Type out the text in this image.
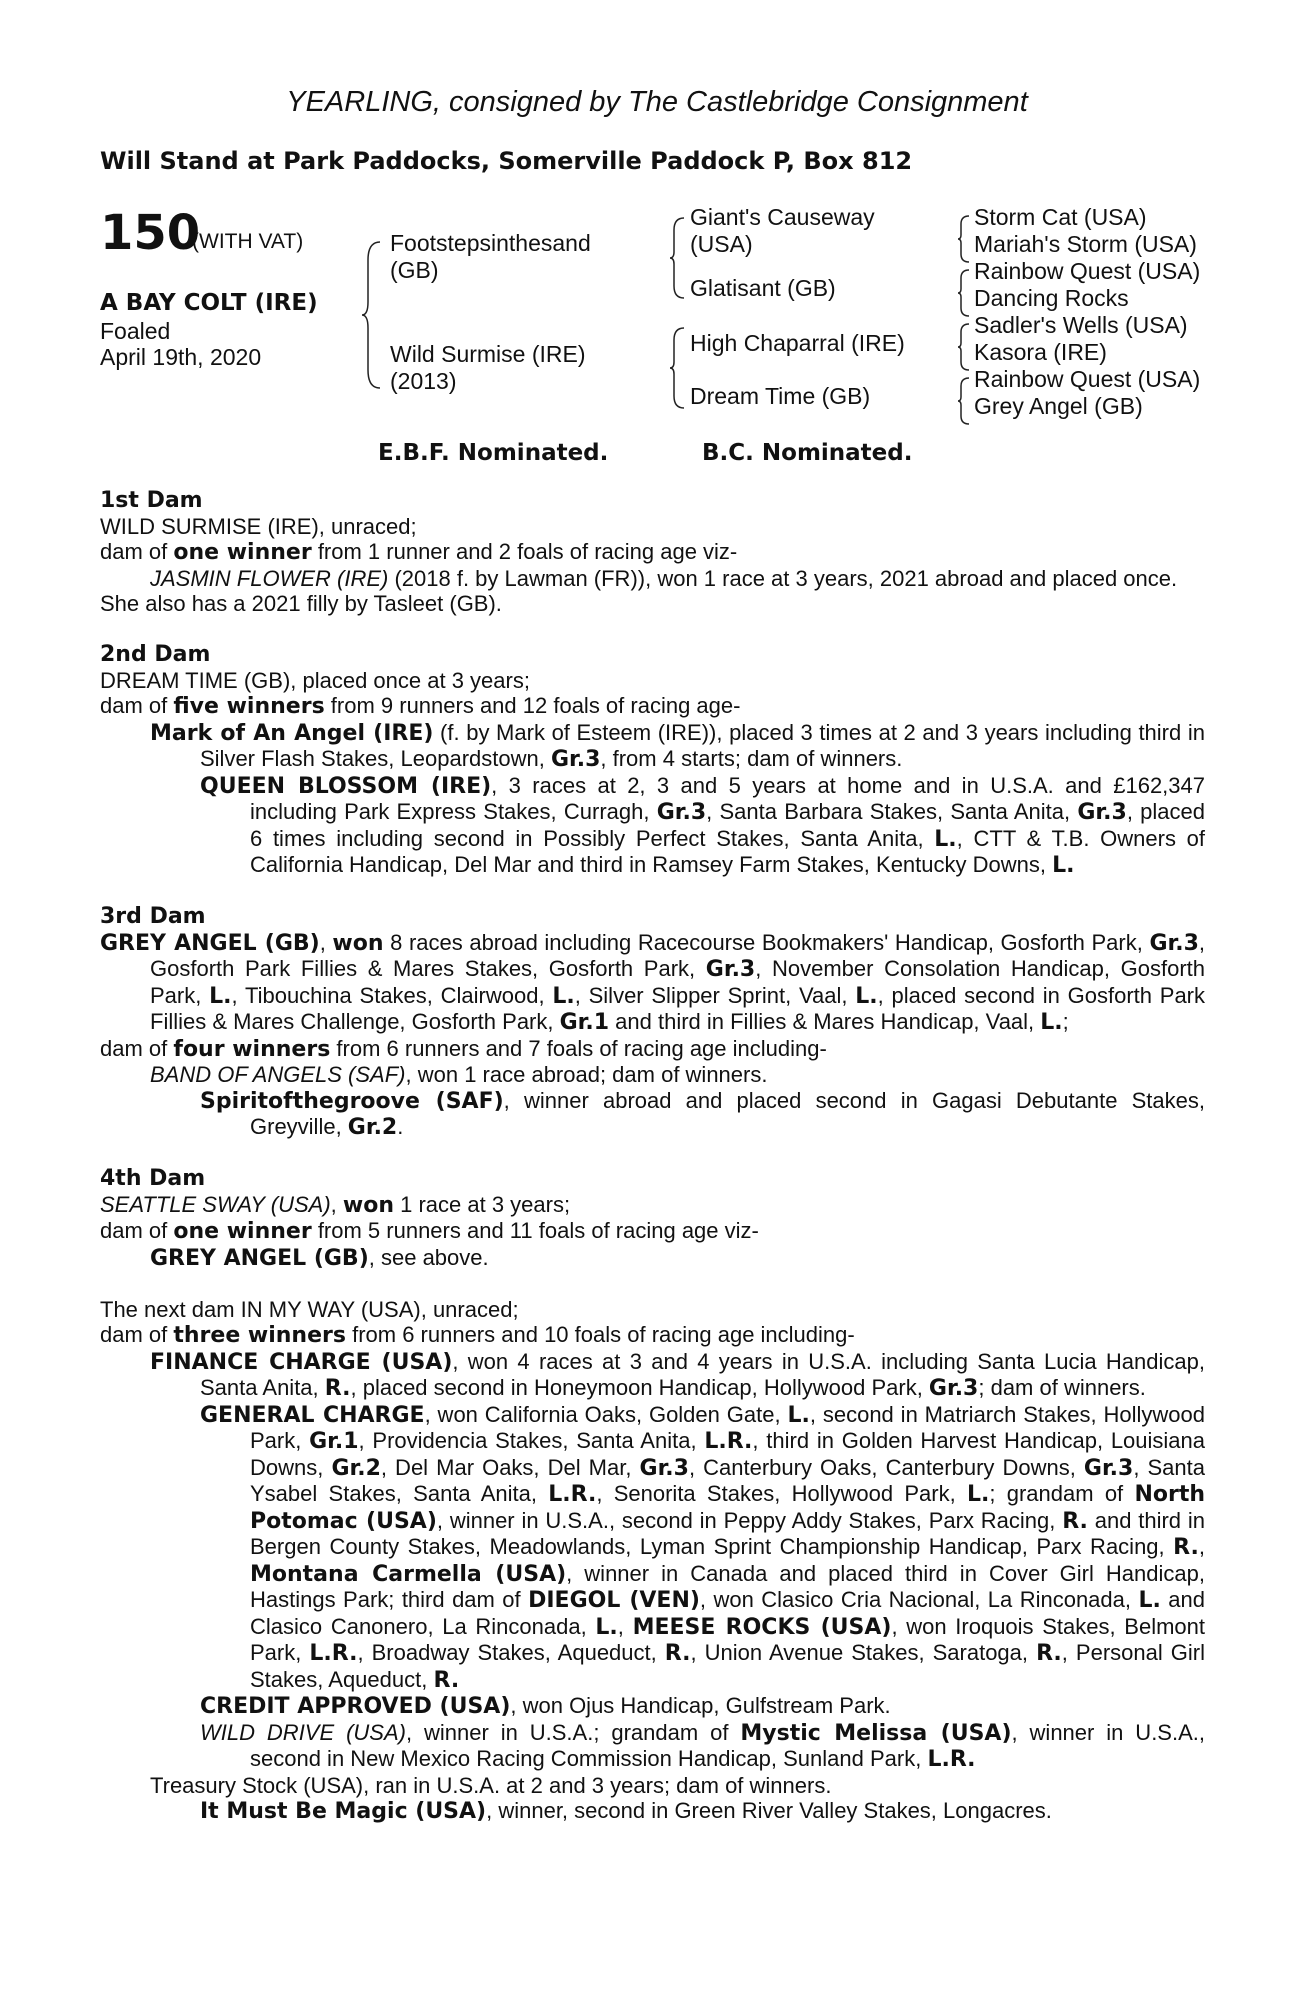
YEARLING, consigned by The Castlebridge Consignment
Will Stand at Park Paddocks, Somerville Paddock P, Box 812
150
(WITH VAT)
A BAY COLT (IRE)
Foaled
April 19th, 2020
Footstepsinthesand
(GB)
Wild Surmise (IRE)
(2013)
Giant's Causeway
(USA)
Glatisant (GB)
High Chaparral (IRE)
Dream Time (GB)
Storm Cat (USA)
Mariah's Storm (USA)
Rainbow Quest (USA)
Dancing Rocks
Sadler's Wells (USA)
Kasora (IRE)
Rainbow Quest (USA)
Grey Angel (GB)
E.B.F. Nominated.	B.C. Nominated.

1st Dam

WILD SURMISE (IRE), unraced;

dam of one winner from 1 runner and 2 foals of racing age viz-

JASMIN FLOWER (IRE) (2018 f. by Lawman (FR)), won 1 race at 3 years, 2021 abroad and placed once.

She also has a 2021 filly by Tasleet (GB).

2nd Dam

DREAM TIME (GB), placed once at 3 years;

dam of five winners from 9 runners and 12 foals of racing age-

Mark of An Angel (IRE) (f. by Mark of Esteem (IRE)), placed 3 times at 2 and 3 years including third in Silver Flash Stakes, Leopardstown, Gr.3, from 4 starts; dam of winners.

QUEEN BLOSSOM (IRE), 3 races at 2, 3 and 5 years at home and in U.S.A. and £162,347 including Park Express Stakes, Curragh, Gr.3, Santa Barbara Stakes, Santa Anita, Gr.3, placed 6 times including second in Possibly Perfect Stakes, Santa Anita, L., CTT & T.B. Owners of California Handicap, Del Mar and third in Ramsey Farm Stakes, Kentucky Downs, L.

3rd Dam

GREY ANGEL (GB), won 8 races abroad including Racecourse Bookmakers' Handicap, Gosforth Park, Gr.3, Gosforth Park Fillies & Mares Stakes, Gosforth Park, Gr.3, November Consolation Handicap, Gosforth Park, L., Tibouchina Stakes, Clairwood, L., Silver Slipper Sprint, Vaal, L., placed second in Gosforth Park Fillies & Mares Challenge, Gosforth Park, Gr.1 and third in Fillies & Mares Handicap, Vaal, L.;

dam of four winners from 6 runners and 7 foals of racing age including-

BAND OF ANGELS (SAF), won 1 race abroad; dam of winners.

Spiritofthegroove (SAF), winner abroad and placed second in Gagasi Debutante Stakes, Greyville, Gr.2.

4th Dam

SEATTLE SWAY (USA), won 1 race at 3 years;

dam of one winner from 5 runners and 11 foals of racing age viz-

GREY ANGEL (GB), see above.

The next dam IN MY WAY (USA), unraced;

dam of three winners from 6 runners and 10 foals of racing age including-

FINANCE CHARGE (USA), won 4 races at 3 and 4 years in U.S.A. including Santa Lucia Handicap, Santa Anita, R., placed second in Honeymoon Handicap, Hollywood Park, Gr.3; dam of winners.

GENERAL CHARGE, won California Oaks, Golden Gate, L., second in Matriarch Stakes, Hollywood Park, Gr.1, Providencia Stakes, Santa Anita, L.R., third in Golden Harvest Handicap, Louisiana Downs, Gr.2, Del Mar Oaks, Del Mar, Gr.3, Canterbury Oaks, Canterbury Downs, Gr.3, Santa Ysabel Stakes, Santa Anita, L.R., Senorita Stakes, Hollywood Park, L.; grandam of North Potomac (USA), winner in U.S.A., second in Peppy Addy Stakes, Parx Racing, R. and third in Bergen County Stakes, Meadowlands, Lyman Sprint Championship Handicap, Parx Racing, R., Montana Carmella (USA), winner in Canada and placed third in Cover Girl Handicap, Hastings Park; third dam of DIEGOL (VEN), won Clasico Cria Nacional, La Rinconada, L. and Clasico Canonero, La Rinconada, L., MEESE ROCKS (USA), won Iroquois Stakes, Belmont Park, L.R., Broadway Stakes, Aqueduct, R., Union Avenue Stakes, Saratoga, R., Personal Girl Stakes, Aqueduct, R.

CREDIT APPROVED (USA), won Ojus Handicap, Gulfstream Park.

WILD DRIVE (USA), winner in U.S.A.; grandam of Mystic Melissa (USA), winner in U.S.A., second in New Mexico Racing Commission Handicap, Sunland Park, L.R.

Treasury Stock (USA), ran in U.S.A. at 2 and 3 years; dam of winners.

It Must Be Magic (USA), winner, second in Green River Valley Stakes, Longacres.
